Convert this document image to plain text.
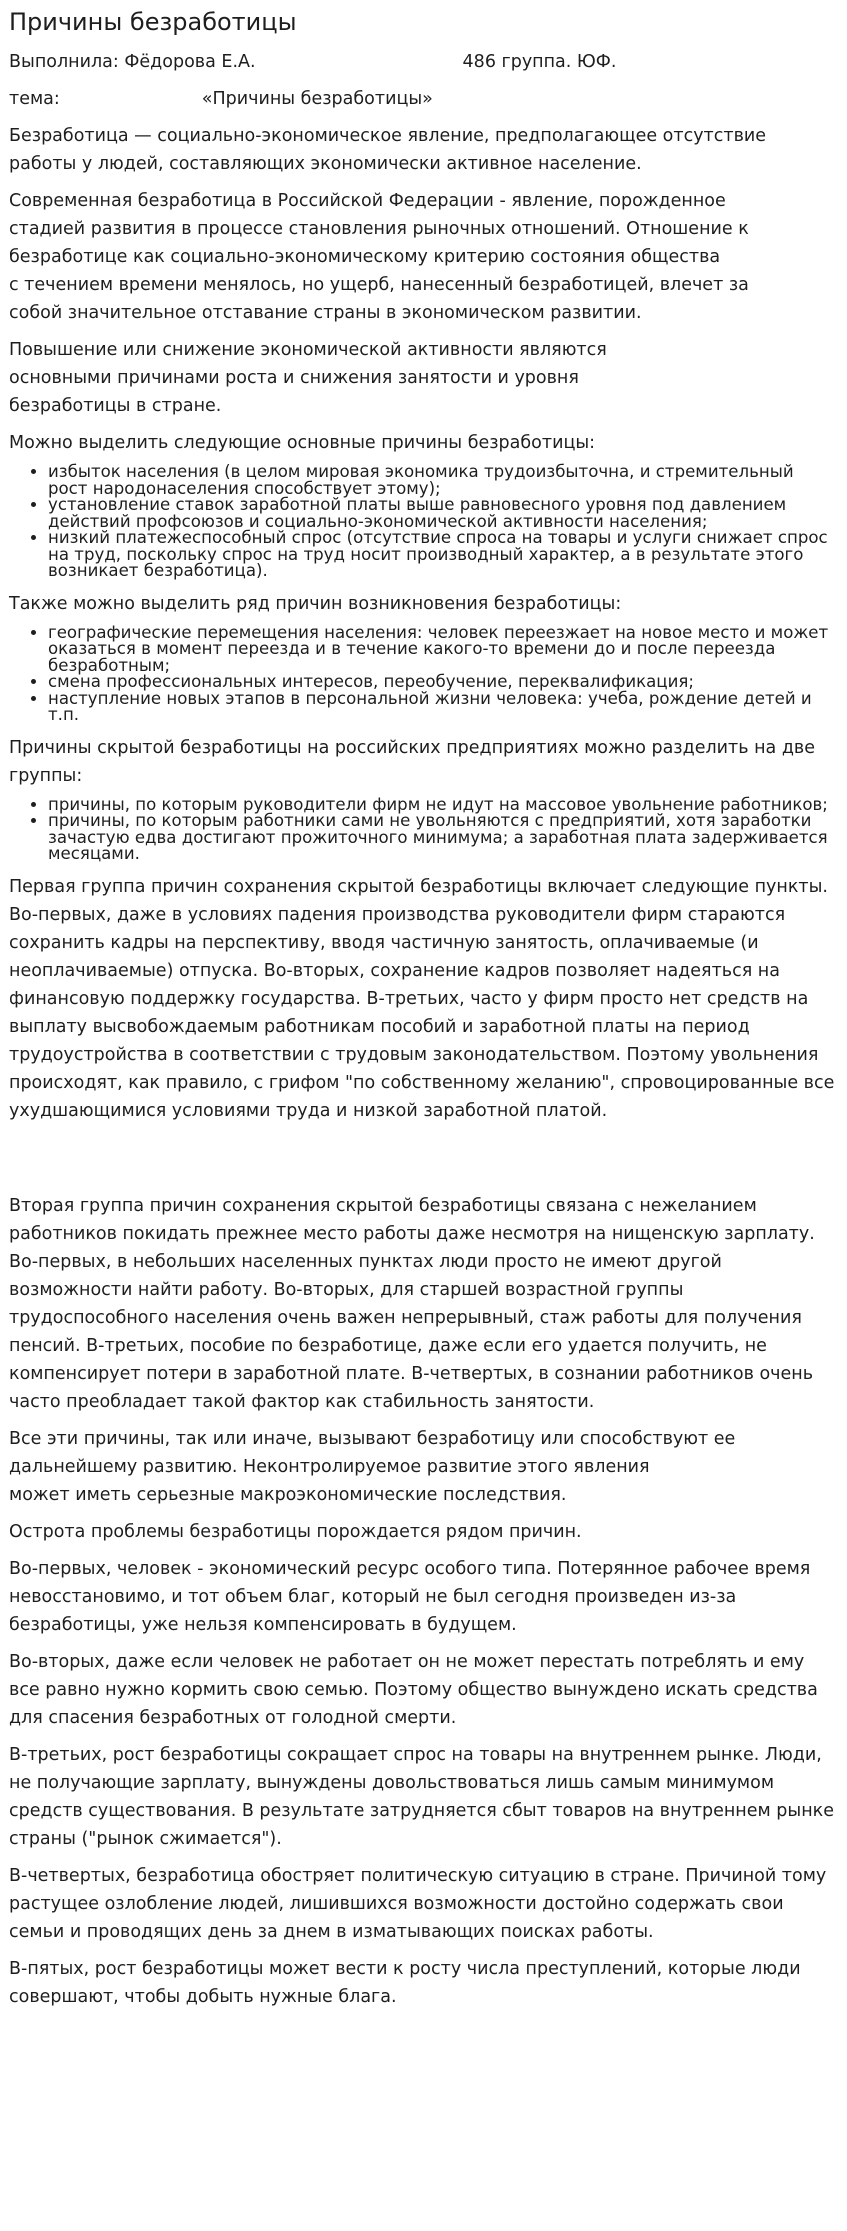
Причины безработицы
Выполнила: Фёдорова Е.А.	486 группа. ЮФ.
тема:	«Причины безработицы»

Безработица — социально-экономическое явление, предполагающее отсутствие работы у людей, составляющих экономически активное население.

Современная безработица в Российской Федерации - явление, порожденное
стадией развития в процессе становления рыночных отношений. Отношение к
безработице как социально-экономическому критерию состояния общества
с течением времени менялось, но ущерб, нанесенный безработицей, влечет за
собой значительное отставание страны в экономическом развитии.

Повышение или снижение экономической активности являются
основными причинами роста и снижения занятости и уровня
безработицы в стране.

Можно выделить следующие основные причины безработицы:

• избыток населения (в целом мировая экономика трудоизбыточна, и стремительный рост народонаселения способствует этому);
• установление ставок заработной платы выше равновесного уровня под давлением действий профсоюзов и социально-экономической активности населения;
• низкий платежеспособный спрос (отсутствие спроса на товары и услуги снижает спрос на труд, поскольку спрос на труд носит производный характер, а в результате этого возникает безработица).

Также можно выделить ряд причин возникновения безработицы:

• географические перемещения населения: человек переезжает на новое место и может оказаться в момент переезда и в течение какого-то времени до и после переезда безработным;
• смена профессиональных интересов, переобучение, переквалификация;
• наступление новых этапов в персональной жизни человека: учеба, рождение детей и т.п.

Причины скрытой безработицы на российских предприятиях можно разделить на две группы:

• причины, по которым руководители фирм не идут на массовое увольнение работников;
• причины, по которым работники сами не увольняются с предприятий, хотя заработки зачастую едва достигают прожиточного минимума; а заработная плата задерживается месяцами.

Первая группа причин сохранения скрытой безработицы включает следующие пункты. Во-первых, даже в условиях падения производства руководители фирм стараются сохранить кадры на перспективу, вводя частичную занятость, оплачиваемые (и неоплачиваемые) отпуска. Во-вторых, сохранение кадров позволяет надеяться на финансовую поддержку государства. В-третьих, часто у фирм просто нет средств на выплату высвобождаемым работникам пособий и заработной платы на период трудоустройства в соответствии с трудовым законодательством. Поэтому увольнения происходят, как правило, с грифом "по собственному желанию", спровоцированные все ухудшающимися условиями труда и низкой заработной платой.

Вторая группа причин сохранения скрытой безработицы связана с нежеланием работников покидать прежнее место работы даже несмотря на нищенскую зарплату. Во-первых, в небольших населенных пунктах люди просто не имеют другой возможности найти работу. Во-вторых, для старшей возрастной группы трудоспособного населения очень важен непрерывный, стаж работы для получения пенсий. В-третьих, пособие по безработице, даже если его удается получить, не компенсирует потери в заработной плате. В-четвертых, в сознании работников очень часто преобладает такой фактор как стабильность занятости.

Все эти причины, так или иначе, вызывают безработицу или способствуют ее
дальнейшему развитию. Неконтролируемое развитие этого явления
может иметь серьезные макроэкономические последствия.

Острота проблемы безработицы порождается рядом причин.

Во-первых, человек - экономический ресурс особого типа. Потерянное рабочее время невосстановимо, и тот объем благ, который не был сегодня произведен из-за безработицы, уже нельзя компенсировать в будущем.

Во-вторых, даже если человек не работает он не может перестать потреблять и ему все равно нужно кормить свою семью. Поэтому общество вынуждено искать средства для спасения безработных от голодной смерти.

В-третьих, рост безработицы сокращает спрос на товары на внутреннем рынке. Люди, не получающие зарплату, вынуждены довольствоваться лишь самым минимумом средств существования. В результате затрудняется сбыт товаров на внутреннем рынке страны ("рынок сжимается").

В-четвертых, безработица обостряет политическую ситуацию в стране. Причиной тому растущее озлобление людей, лишившихся возможности достойно содержать свои семьи и проводящих день за днем в изматывающих поисках работы.

В-пятых, рост безработицы может вести к росту числа преступлений, которые люди совершают, чтобы добыть нужные блага.
